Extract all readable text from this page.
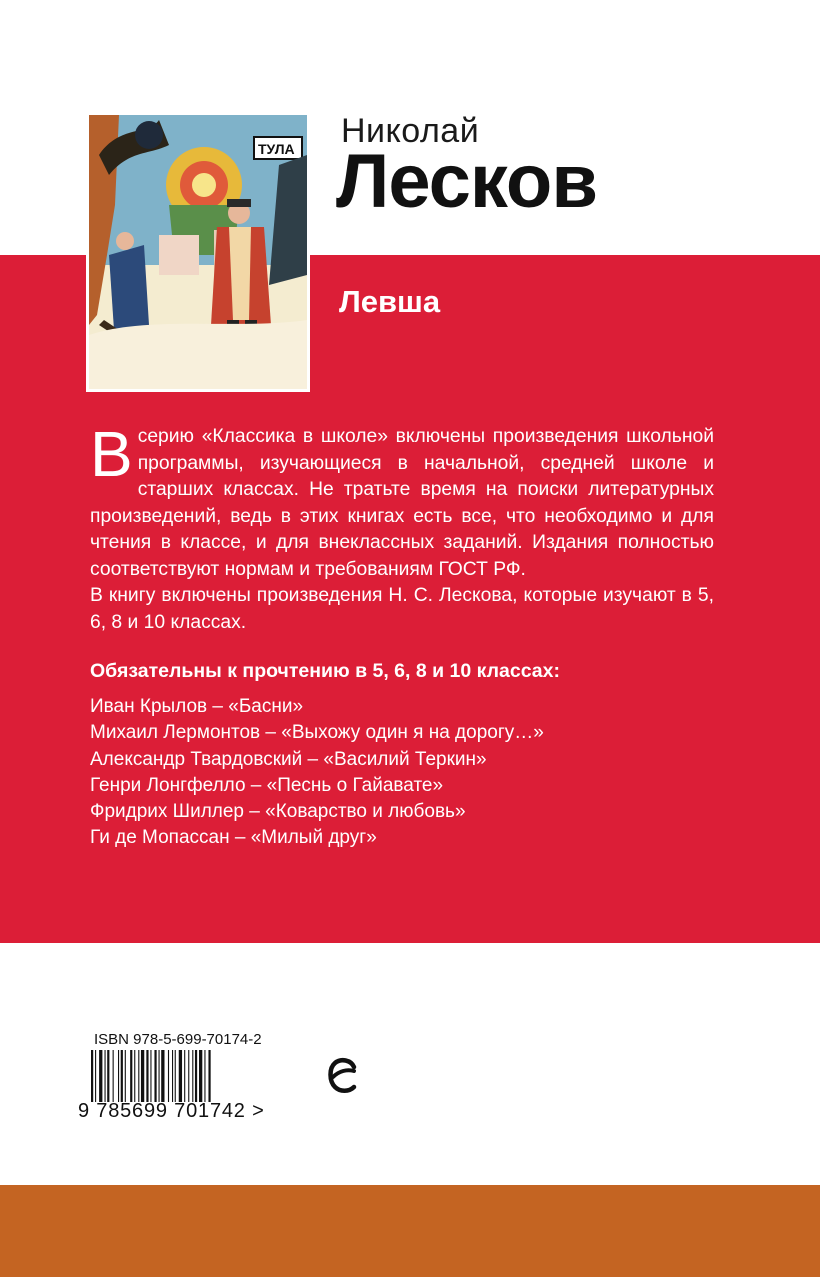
ТУЛА Николай
Лесков
Левша

Всерию «Классика в школе» включены произведения школьной программы, изучающиеся в начальной, средней школе и старших классах. Не тратьте время на поиски литературных произведений, ведь в этих книгах есть все, что необходимо и для чтения в классе, и для внеклассных заданий. Издания полностью соответствуют нормам и требованиям ГОСТ РФ.

В книгу включены произведения Н. С. Лескова, которые изучают в 5, 6, 8 и 10 классах.

Обязательны к прочтению в 5, 6, 8 и 10 классах:
Иван Крылов – «Басни»
Михаил Лермонтов – «Выхожу один я на дорогу…»
Александр Твардовский – «Василий Теркин»
Генри Лонгфелло – «Песнь о Гайавате»
Фридрих Шиллер – «Коварство и любовь»
Ги де Мопассан – «Милый друг»
ISBN 978-5-699-70174-2
9 785699 701742 >
